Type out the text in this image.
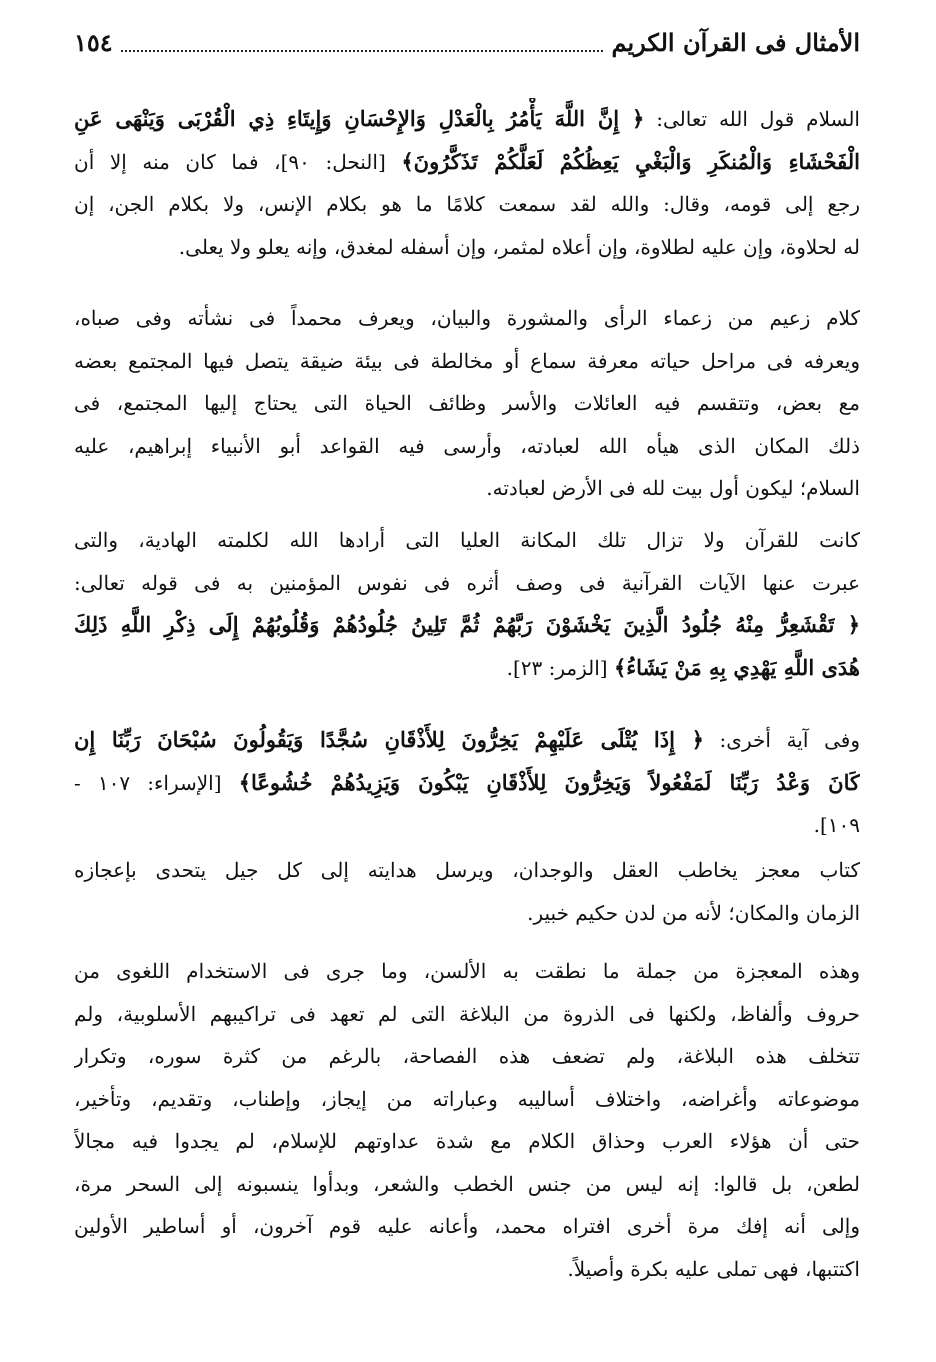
الأمثال فى القرآن الكريم
١٥٤
السلام قول الله تعالى: ﴿ إِنَّ اللَّهَ يَأْمُرُ بِالْعَدْلِ وَالإِحْسَانِ وَإِيتَاءِ ذِي الْقُرْبَى وَيَنْهَى عَنِ
الْفَحْشَاءِ وَالْمُنكَرِ وَالْبَغْيِ يَعِظُكُمْ لَعَلَّكُمْ تَذَكَّرُونَ﴾ [النحل: ٩٠]، فما كان منه إلا أن
رجع إلى قومه، وقال: والله لقد سمعت كلامًا ما هو بكلام الإنس، ولا بكلام الجن، إن
له لحلاوة، وإن عليه لطلاوة، وإن أعلاه لمثمر، وإن أسفله لمغدق، وإنه يعلو ولا يعلى.
كلام زعيم من زعماء الرأى والمشورة والبيان، ويعرف محمداً فى نشأته وفى صباه،
ويعرفه فى مراحل حياته معرفة سماع أو مخالطة فى بيئة ضيقة يتصل فيها المجتمع بعضه
مع بعض، وتتقسم فيه العائلات والأسر وظائف الحياة التى يحتاج إليها المجتمع، فى
ذلك المكان الذى هيأه الله لعبادته، وأرسى فيه القواعد أبو الأنبياء إبراهيم، عليه
السلام؛ ليكون أول بيت لله فى الأرض لعبادته.
كانت للقرآن ولا تزال تلك المكانة العليا التى أرادها الله لكلمته الهادية، والتى
عبرت عنها الآيات القرآنية فى وصف أثره فى نفوس المؤمنين به فى قوله تعالى:
﴿ تَقْشَعِرُّ مِنْهُ جُلُودُ الَّذِينَ يَخْشَوْنَ رَبَّهُمْ ثُمَّ تَلِينُ جُلُودُهُمْ وَقُلُوبُهُمْ إِلَى ذِكْرِ اللَّهِ ذَلِكَ
هُدَى اللَّهِ يَهْدِي بِهِ مَنْ يَشَاءُ﴾ [الزمر: ٢٣].
وفى آية أخرى: ﴿ إِذَا يُتْلَى عَلَيْهِمْ يَخِرُّونَ لِلأَذْقَانِ سُجَّدًا وَيَقُولُونَ سُبْحَانَ رَبِّنَا إِن
كَانَ وَعْدُ رَبِّنَا لَمَفْعُولاً وَيَخِرُّونَ لِلأَذْقَانِ يَبْكُونَ وَيَزِيدُهُمْ خُشُوعًا﴾ [الإسراء: ١٠٧ -
١٠٩].
كتاب معجز يخاطب العقل والوجدان، ويرسل هدايته إلى كل جيل يتحدى بإعجازه
الزمان والمكان؛ لأنه من لدن حكيم خبير.
وهذه المعجزة من جملة ما نطقت به الألسن، وما جرى فى الاستخدام اللغوى من
حروف وألفاظ، ولكنها فى الذروة من البلاغة التى لم تعهد فى تراكيبهم الأسلوبية، ولم
تتخلف هذه البلاغة، ولم تضعف هذه الفصاحة، بالرغم من كثرة سوره، وتكرار
موضوعاته وأغراضه، واختلاف أساليبه وعباراته من إيجاز، وإطناب، وتقديم، وتأخير،
حتى أن هؤلاء العرب وحذاق الكلام مع شدة عداوتهم للإسلام، لم يجدوا فيه مجالاً
لطعن، بل قالوا: إنه ليس من جنس الخطب والشعر، وبدأوا ينسبونه إلى السحر مرة،
وإلى أنه إفك مرة أخرى افتراه محمد، وأعانه عليه قوم آخرون، أو أساطير الأولين
اكتتبها، فهى تملى عليه بكرة وأصيلاً.
